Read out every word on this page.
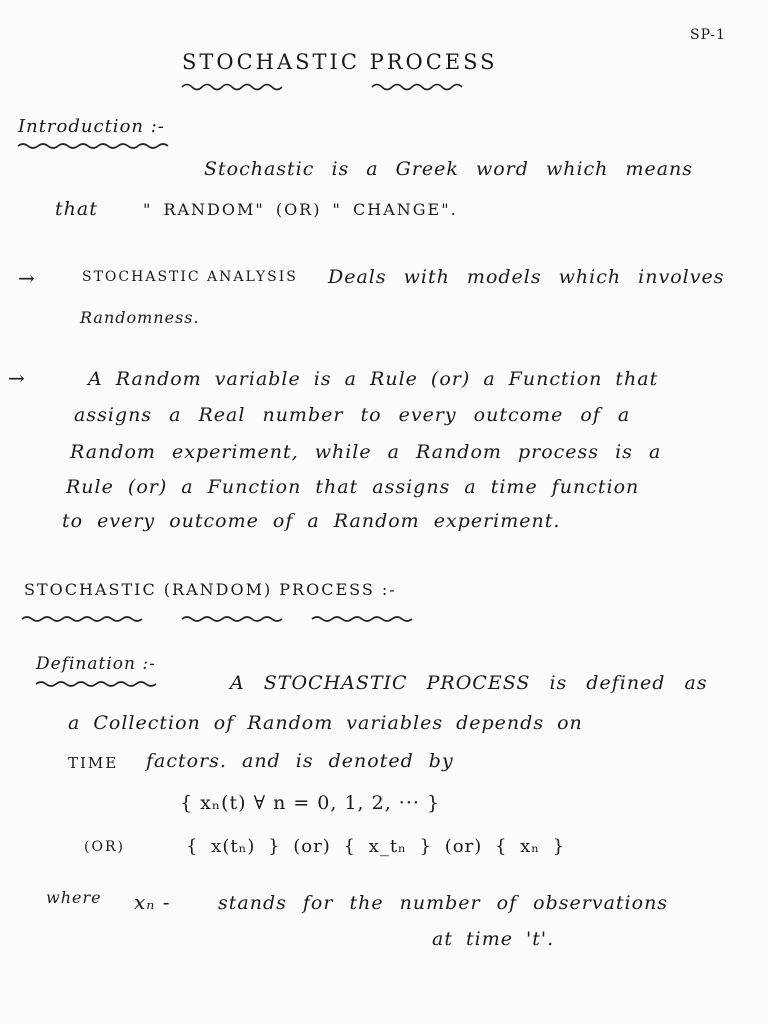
SP-1
STOCHASTIC PROCESS
Introduction :-
Stochastic is a Greek word which means
that	" RANDOM" (OR) " CHANGE".
→	STOCHASTIC ANALYSIS Deals with models which involves
Randomness.
→	A Random variable is a Rule (or) a Function that
assigns a Real number to every outcome of a
Random experiment, while a Random process is a
Rule (or) a Function that assigns a time function
to every outcome of a Random experiment.
STOCHASTIC (RANDOM) PROCESS :-
Defination :-
A STOCHASTIC PROCESS is defined as
a Collection of Random variables depends on
TIME factors. and is denoted by
{ xₙ(t) ∀ n = 0, 1, 2, ··· }
(OR)	{ x(tₙ) } (or) { x_tₙ } (or) { xₙ }
where xₙ -	stands for the number of observations
at time 't'.
